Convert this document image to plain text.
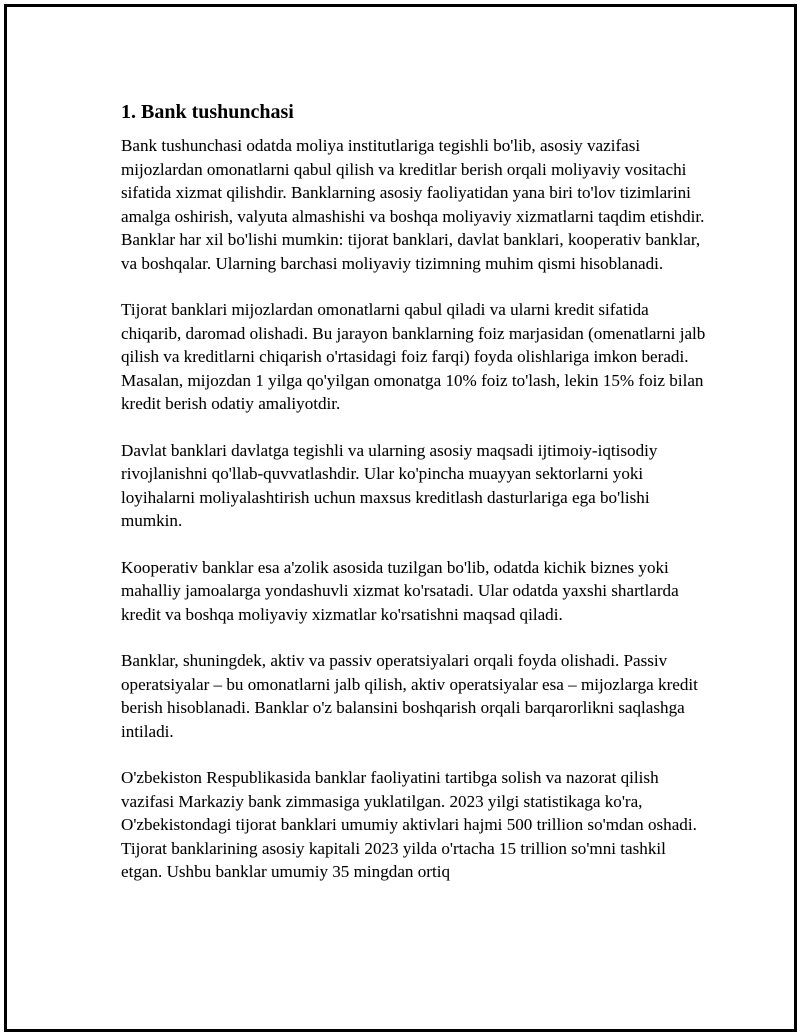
1. Bank tushunchasi

Bank tushunchasi odatda moliya institutlariga tegishli bo'lib, asosiy vazifasi mijozlardan omonatlarni qabul qilish va kreditlar berish orqali moliyaviy vositachi sifatida xizmat qilishdir. Banklarning asosiy faoliyatidan yana biri to'lov tizimlarini amalga oshirish, valyuta almashishi va boshqa moliyaviy xizmatlarni taqdim etishdir. Banklar har xil bo'lishi mumkin: tijorat banklari, davlat banklari, kooperativ banklar, va boshqalar. Ularning barchasi moliyaviy tizimning muhim qismi hisoblanadi.

Tijorat banklari mijozlardan omonatlarni qabul qiladi va ularni kredit sifatida chiqarib, daromad olishadi. Bu jarayon banklarning foiz marjasidan (omenatlarni jalb qilish va kreditlarni chiqarish o'rtasidagi foiz farqi) foyda olishlariga imkon beradi. Masalan, mijozdan 1 yilga qo'yilgan omonatga 10% foiz to'lash, lekin 15% foiz bilan kredit berish odatiy amaliyotdir.

Davlat banklari davlatga tegishli va ularning asosiy maqsadi ijtimoiy-iqtisodiy rivojlanishni qo'llab-quvvatlashdir. Ular ko'pincha muayyan sektorlarni yoki loyihalarni moliyalashtirish uchun maxsus kreditlash dasturlariga ega bo'lishi mumkin.

Kooperativ banklar esa a'zolik asosida tuzilgan bo'lib, odatda kichik biznes yoki mahalliy jamoalarga yondashuvli xizmat ko'rsatadi. Ular odatda yaxshi shartlarda kredit va boshqa moliyaviy xizmatlar ko'rsatishni maqsad qiladi.

Banklar, shuningdek, aktiv va passiv operatsiyalari orqali foyda olishadi. Passiv operatsiyalar – bu omonatlarni jalb qilish, aktiv operatsiyalar esa – mijozlarga kredit berish hisoblanadi. Banklar o'z balansini boshqarish orqali barqarorlikni saqlashga intiladi.

O'zbekiston Respublikasida banklar faoliyatini tartibga solish va nazorat qilish vazifasi Markaziy bank zimmasiga yuklatilgan. 2023 yilgi statistikaga ko'ra, O'zbekistondagi tijorat banklari umumiy aktivlari hajmi 500 trillion so'mdan oshadi. Tijorat banklarining asosiy kapitali 2023 yilda o'rtacha 15 trillion so'mni tashkil etgan. Ushbu banklar umumiy 35 mingdan ortiq
